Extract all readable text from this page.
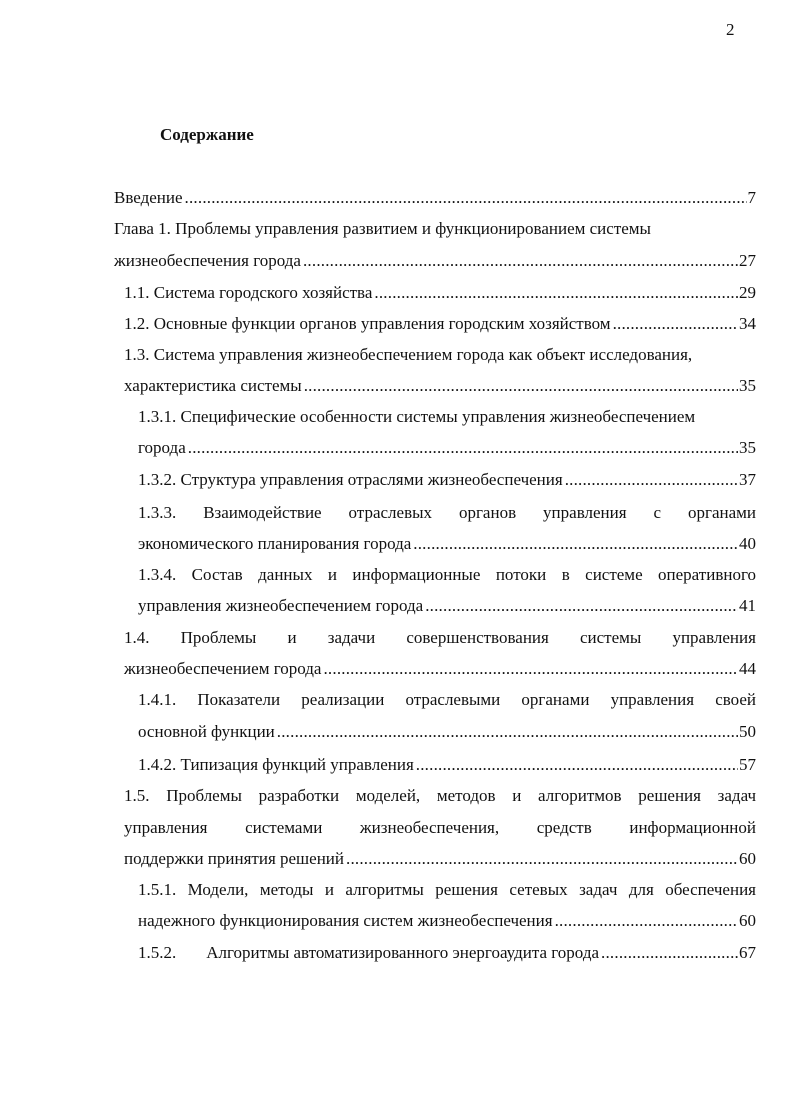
2
Содержание
Введение .....	7
Глава 1. Проблемы управления развитием и функционированием системы
жизнеобеспечения города .....	27
1.1. Система городского хозяйства .....	29
1.2. Основные функции органов управления городским хозяйством .....	34
1.3. Система управления жизнеобеспечением города как объект исследования,
характеристика системы .....	35
1.3.1. Специфические особенности системы управления жизнеобеспечением
города .....	35
1.3.2. Структура управления отраслями жизнеобеспечения .....	37
1.3.3. Взаимодействие отраслевых органов управления с органами
экономического планирования города .....	40
1.3.4. Состав данных и информационные потоки в системе оперативного
управления жизнеобеспечением города .....	41
1.4. Проблемы и задачи совершенствования системы управления
жизнеобеспечением города .....	44
1.4.1. Показатели реализации отраслевыми органами управления своей
основной функции .....	50
1.4.2. Типизация функций управления .....	57
1.5. Проблемы разработки моделей, методов и алгоритмов решения задач
управления системами жизнеобеспечения, средств информационной
поддержки принятия решений .....	60
1.5.1. Модели, методы и алгоритмы решения сетевых задач для обеспечения
надежного функционирования систем жизнеобеспечения .....	60
1.5.2. Алгоритмы автоматизированного энергоаудита города .....	67
